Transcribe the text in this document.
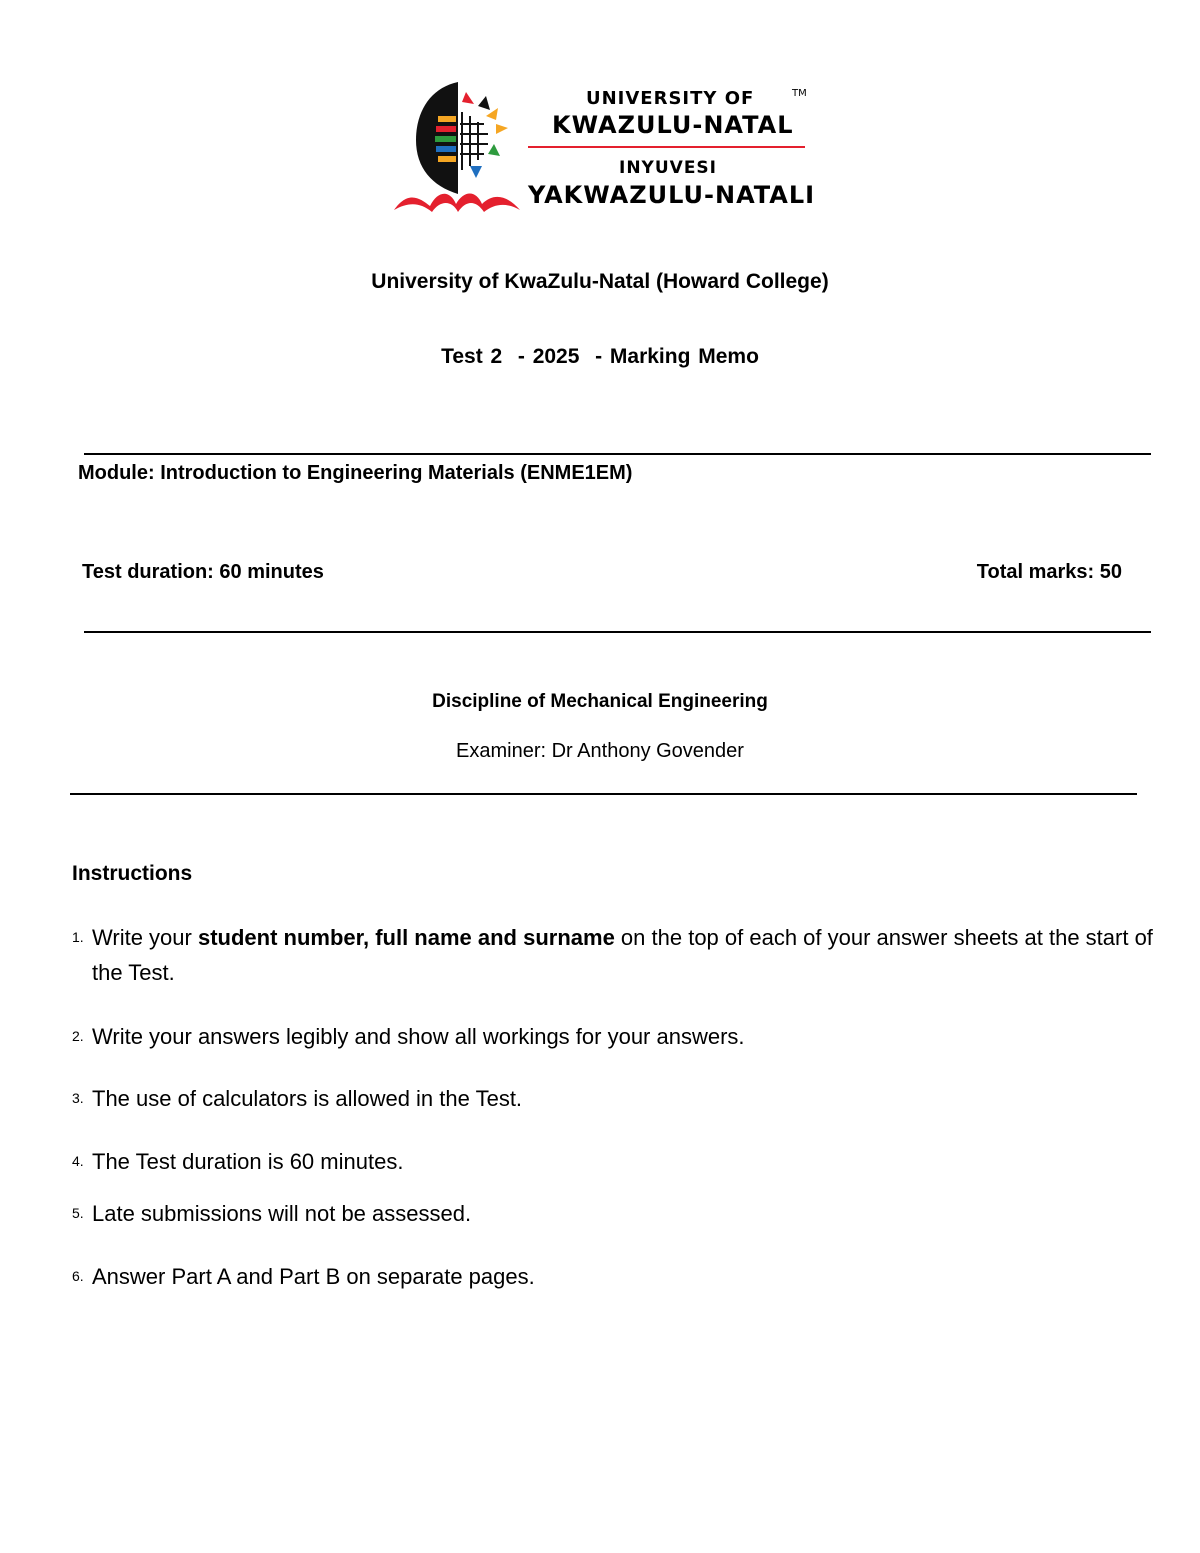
UNIVERSITY OF	TM
KWAZULU-NATAL
INYUVESI
YAKWAZULU-NATALI
University of KwaZulu-Natal (Howard College)
Test 2  - 2025  - Marking Memo
Module: Introduction to Engineering Materials (ENME1EM)
Test duration: 60 minutes	Total marks: 50
Discipline of Mechanical Engineering
Examiner: Dr Anthony Govender
Instructions
1. Write your student number, full name and surname on the top of each of your answer sheets at the start of the Test.
2. Write your answers legibly and show all workings for your answers.
3. The use of calculators is allowed in the Test.
4. The Test duration is 60 minutes.
5. Late submissions will not be assessed.
6. Answer Part A and Part B on separate pages.
